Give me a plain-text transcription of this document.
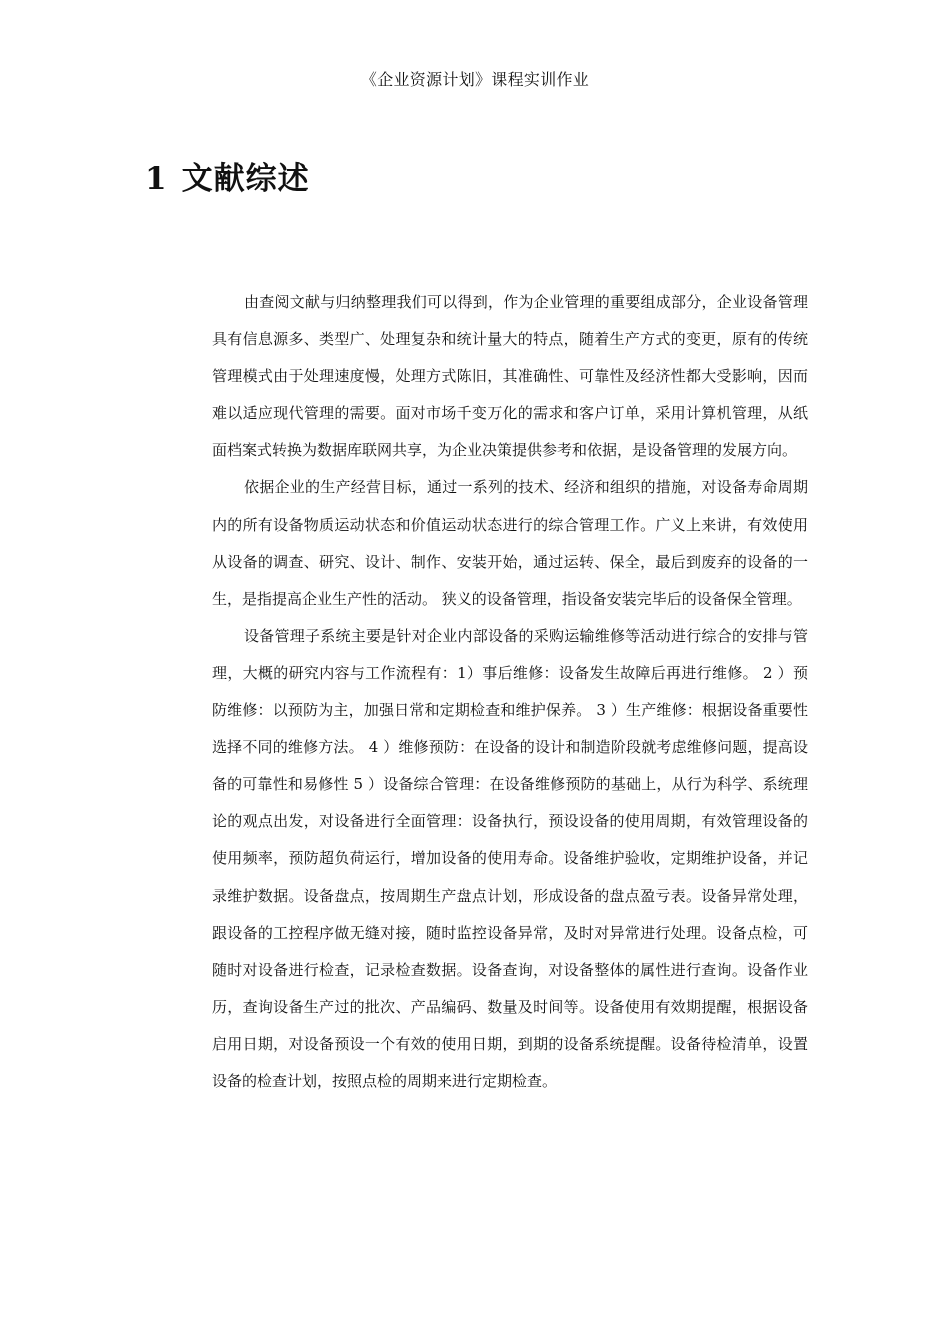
《企业资源计划》课程实训作业
1 文献综述

由查阅文献与归纳整理我们可以得到，作为企业管理的重要组成部分，企业设备管理具有信息源多、类型广、处理复杂和统计量大的特点，随着生产方式的变更，原有的传统管理模式由于处理速度慢，处理方式陈旧，其准确性、可靠性及经济性都大受影响，因而难以适应现代管理的需要。面对市场千变万化的需求和客户订单，采用计算机管理，从纸面档案式转换为数据库联网共享，为企业决策提供参考和依据，是设备管理的发展方向。

依据企业的生产经营目标，通过一系列的技术、经济和组织的措施，对设备寿命周期内的所有设备物质运动状态和价值运动状态进行的综合管理工作。广义上来讲，有效使用从设备的调查、研究、设计、制作、安装开始，通过运转、保全，最后到废弃的设备的一生，是指提高企业生产性的活动。 狭义的设备管理，指设备安装完毕后的设备保全管理。

设备管理子系统主要是针对企业内部设备的采购运输维修等活动进行综合的安排与管理，大概的研究内容与工作流程有：1）事后维修：设备发生故障后再进行维修。 2 ）预防维修：以预防为主，加强日常和定期检查和维护保养。 3 ）生产维修：根据设备重要性选择不同的维修方法。 4 ）维修预防：在设备的设计和制造阶段就考虑维修问题，提高设备的可靠性和易修性 5 ）设备综合管理：在设备维修预防的基础上，从行为科学、系统理论的观点出发，对设备进行全面管理：设备执行，预设设备的使用周期，有效管理设备的使用频率，预防超负荷运行，增加设备的使用寿命。设备维护验收，定期维护设备，并记录维护数据。设备盘点，按周期生产盘点计划，形成设备的盘点盈亏表。设备异常处理，跟设备的工控程序做无缝对接，随时监控设备异常，及时对异常进行处理。设备点检，可随时对设备进行检查，记录检查数据。设备查询，对设备整体的属性进行查询。设备作业历，查询设备生产过的批次、产品编码、数量及时间等。设备使用有效期提醒，根据设备启用日期，对设备预设一个有效的使用日期，到期的设备系统提醒。设备待检清单，设置设备的检查计划，按照点检的周期来进行定期检查。
